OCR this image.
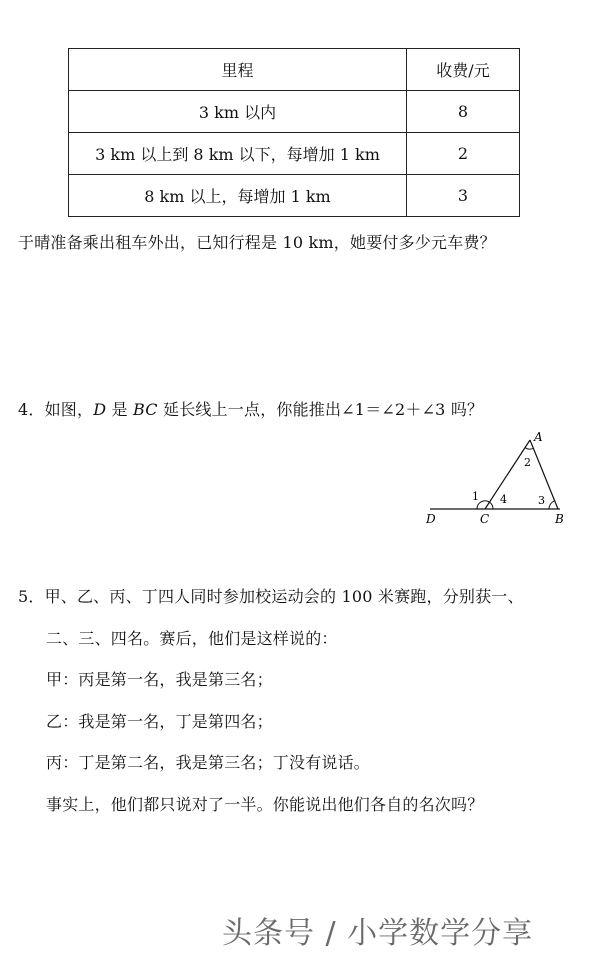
里程	收费/元
3 km 以内	8
3 km 以上到 8 km 以下，每增加 1 km	2
8 km 以上，每增加 1 km	3
于晴准备乘出租车外出，已知行程是 10 km，她要付多少元车费？
4．如图，D 是 BC 延长线上一点，你能推出∠1＝∠2＋∠3 吗？
A
B
C
D
1
2
3
4
5．甲、乙、丙、丁四人同时参加校运动会的 100 米赛跑，分别获一、
二、三、四名。赛后，他们是这样说的：
甲：丙是第一名，我是第三名；
乙：我是第一名，丁是第四名；
丙：丁是第二名，我是第三名；丁没有说话。
事实上，他们都只说对了一半。你能说出他们各自的名次吗？
头条号 / 小学数学分享
